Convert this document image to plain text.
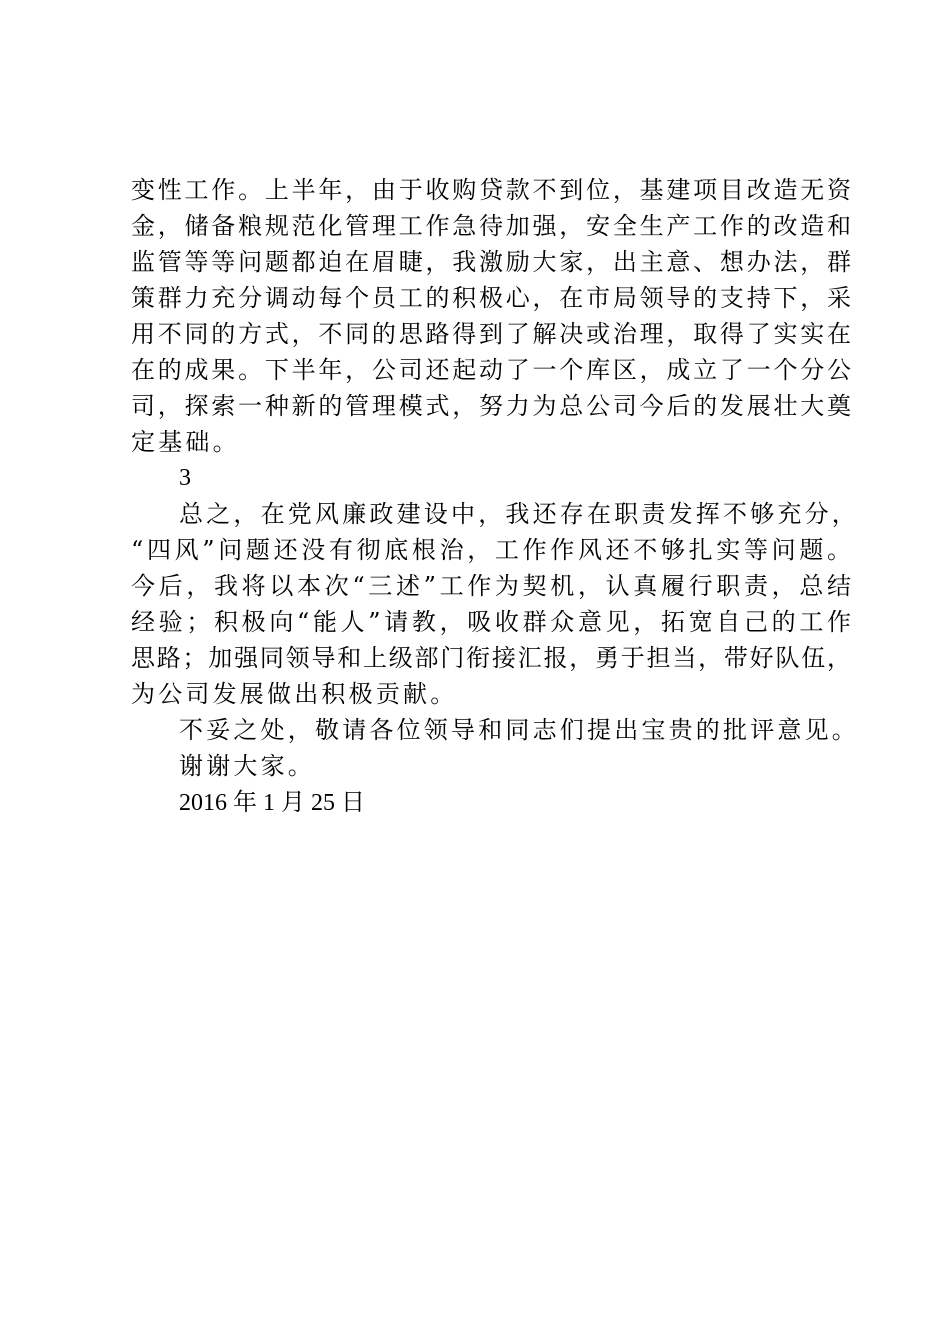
变性工作。上半年，由于收购贷款不到位，基建项目改造无资
金，储备粮规范化管理工作急待加强，安全生产工作的改造和
监管等等问题都迫在眉睫，我激励大家，出主意、想办法，群
策群力充分调动每个员工的积极心，在市局领导的支持下，采
用不同的方式，不同的思路得到了解决或治理，取得了实实在
在的成果。下半年，公司还起动了一个库区，成立了一个分公
司，探索一种新的管理模式，努力为总公司今后的发展壮大奠
定基础。
3
总之，在党风廉政建设中，我还存在职责发挥不够充分，
“四风”问题还没有彻底根治，工作作风还不够扎实等问题。
今后，我将以本次“三述”工作为契机，认真履行职责，总结
经验；积极向“能人”请教，吸收群众意见，拓宽自己的工作
思路；加强同领导和上级部门衔接汇报，勇于担当，带好队伍，
为公司发展做出积极贡献。
不妥之处，敬请各位领导和同志们提出宝贵的批评意见。
谢谢大家。
2016 年 1 月 25 日
